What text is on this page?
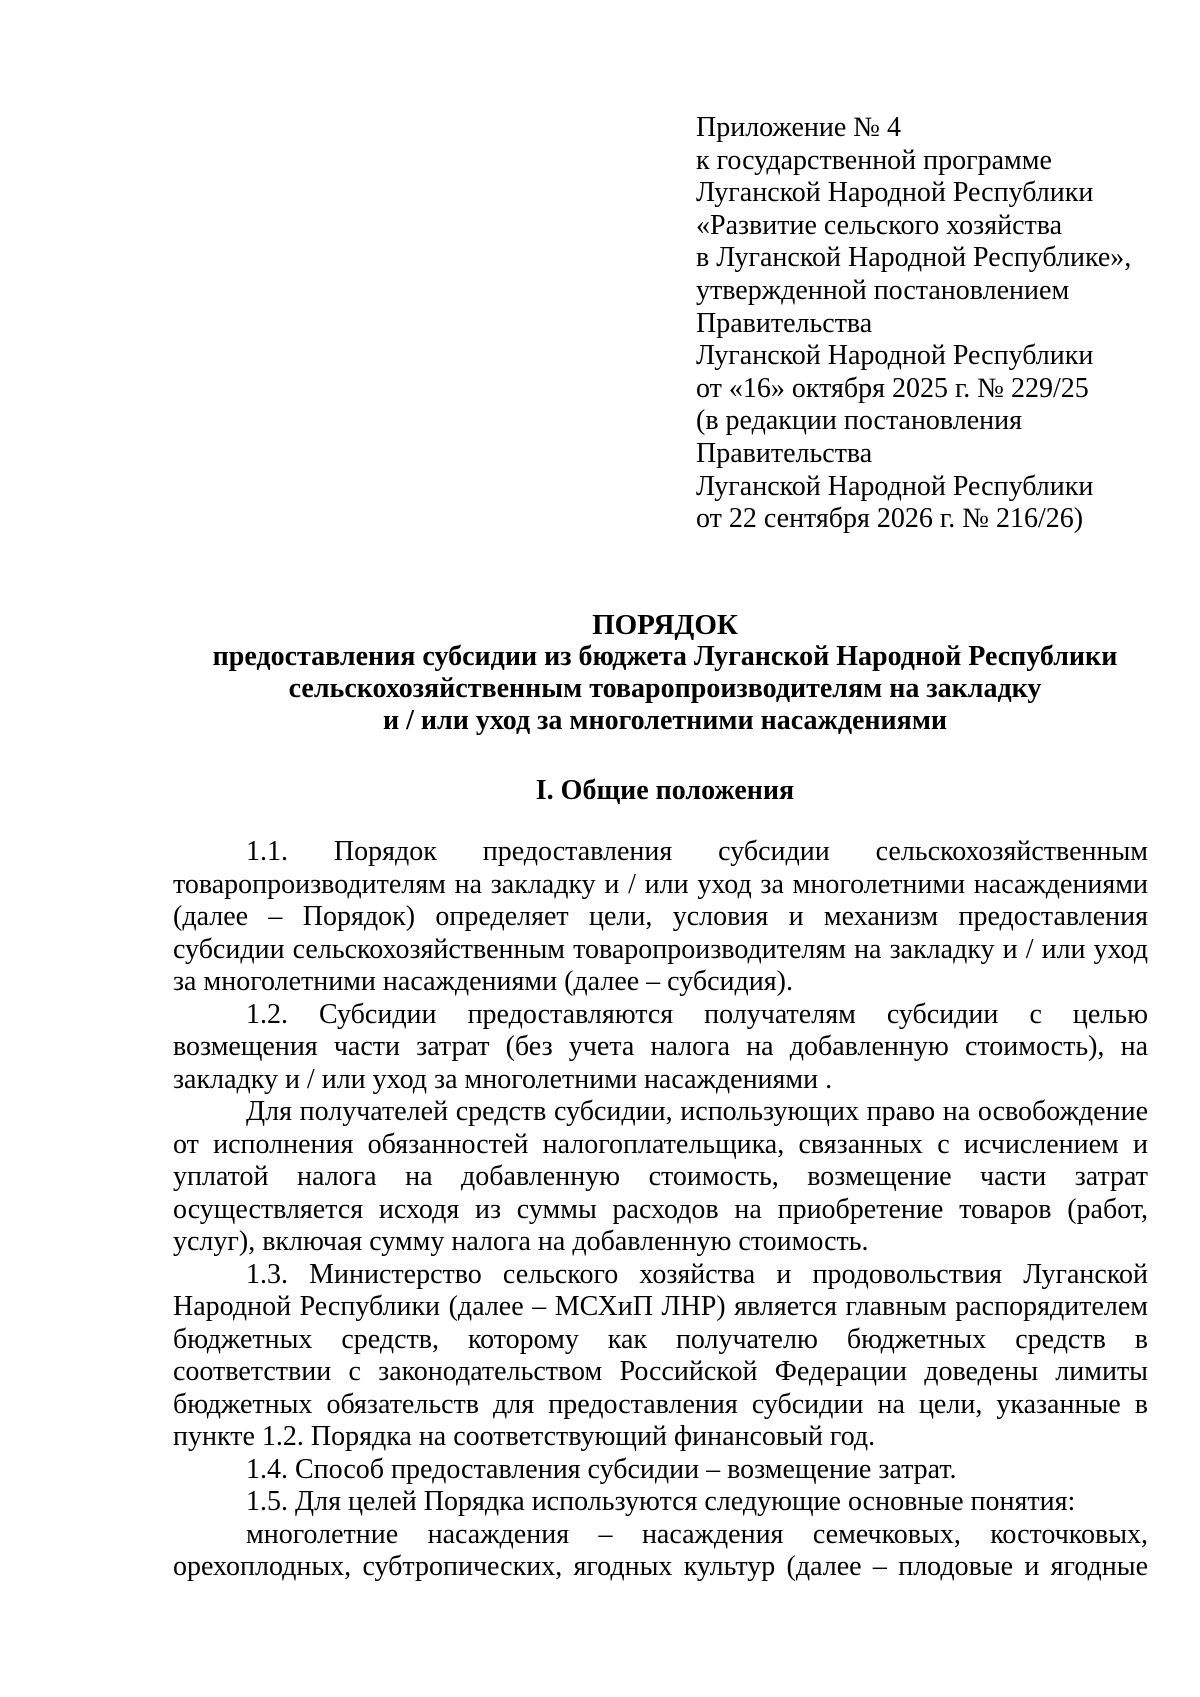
Приложение № 4
к государственной программе
Луганской Народной Республики
«Развитие сельского хозяйства
в Луганской Народной Республике»,
утвержденной постановлением
Правительства
Луганской Народной Республики
от «16» октября 2025 г. № 229/25
(в редакции постановления
Правительства
Луганской Народной Республики
от 22 сентября 2026 г. № 216/26)
ПОРЯДОК
предоставления субсидии из бюджета Луганской Народной Республики
сельскохозяйственным товаропроизводителям на закладку
и / или уход за многолетними насаждениями
I. Общие положения

1.1. Порядок предоставления субсидии сельскохозяйственным товаропроизводителям на закладку и / или уход за многолетними насаждениями (далее – Порядок) определяет цели, условия и механизм предоставления субсидии сельскохозяйственным товаропроизводителям на закладку и / или уход за многолетними насаждениями (далее – субсидия).

1.2. Субсидии предоставляются получателям субсидии с целью возмещения части затрат (без учета налога на добавленную стоимость), на закладку и / или уход за многолетними насаждениями .

Для получателей средств субсидии, использующих право на освобождение от исполнения обязанностей налогоплательщика, связанных с исчислением и уплатой налога на добавленную стоимость, возмещение части затрат осуществляется исходя из суммы расходов на приобретение товаров (работ, услуг), включая сумму налога на добавленную стоимость.

1.3. Министерство сельского хозяйства и продовольствия Луганской Народной Республики (далее – МСХиП ЛНР) является главным распорядителем бюджетных средств, которому как получателю бюджетных средств в соответствии с законодательством Российской Федерации доведены лимиты бюджетных обязательств для предоставления субсидии на цели, указанные в пункте 1.2. Порядка на соответствующий финансовый год.

1.4. Способ предоставления субсидии – возмещение затрат.

1.5. Для целей Порядка используются следующие основные понятия:

многолетние насаждения – насаждения семечковых, косточковых, орехоплодных, субтропических, ягодных культур (далее – плодовые и ягодные
